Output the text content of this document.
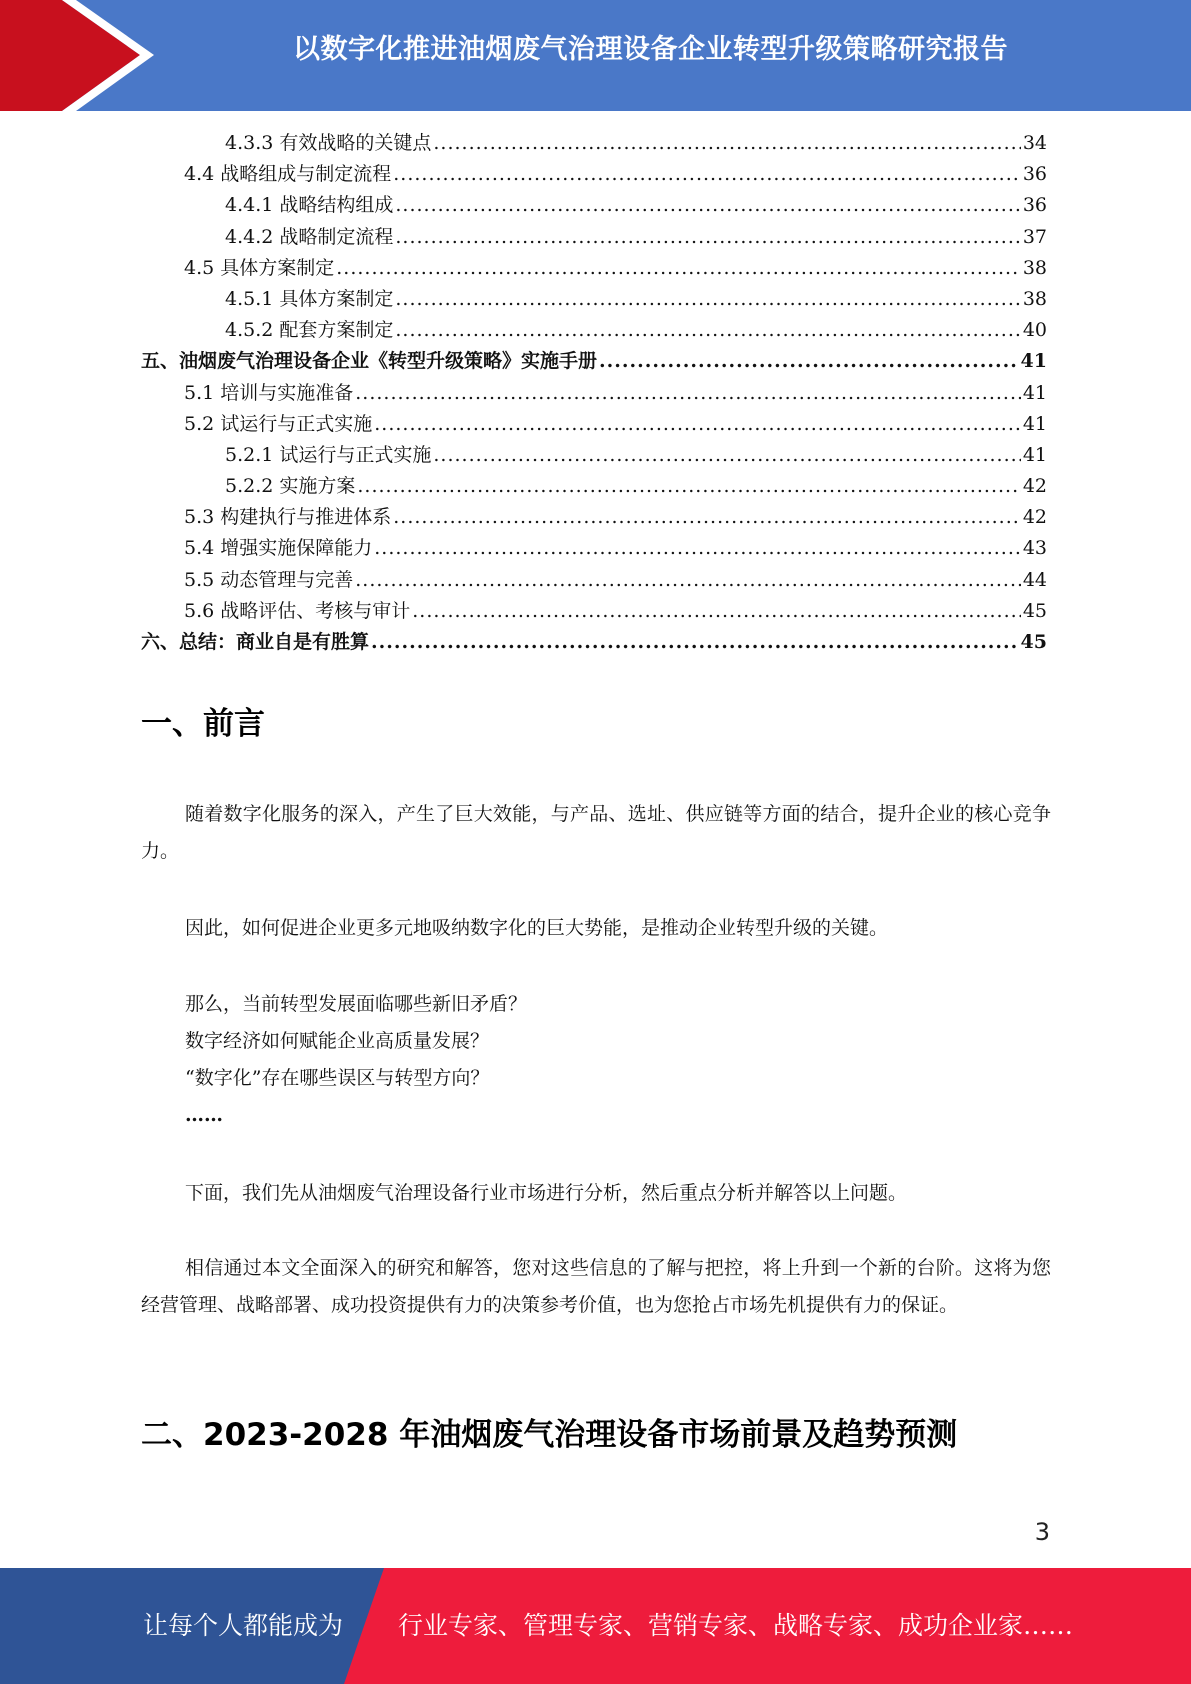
以数字化推进油烟废气治理设备企业转型升级策略研究报告
4.3.3 有效战略的关键点 .....	34
4.4 战略组成与制定流程 .....	36
4.4.1 战略结构组成 .....	36
4.4.2 战略制定流程 .....	37
4.5 具体方案制定 .....	38
4.5.1 具体方案制定 .....	38
4.5.2 配套方案制定 .....	40
五、油烟废气治理设备企业《转型升级策略》实施手册 .....	41
5.1 培训与实施准备 .....	41
5.2 试运行与正式实施 .....	41
5.2.1 试运行与正式实施 .....	41
5.2.2 实施方案 .....	42
5.3 构建执行与推进体系 .....	42
5.4 增强实施保障能力 .....	43
5.5 动态管理与完善 .....	44
5.6 战略评估、考核与审计 .....	45
六、总结：商业自是有胜算 .....	45
一、前言

随着数字化服务的深入，产生了巨大效能，与产品、选址、供应链等方面的结合，提升企业的核心竞争力。

因此，如何促进企业更多元地吸纳数字化的巨大势能，是推动企业转型升级的关键。

那么，当前转型发展面临哪些新旧矛盾？

数字经济如何赋能企业高质量发展？

“数字化”存在哪些误区与转型方向？

……

下面，我们先从油烟废气治理设备行业市场进行分析，然后重点分析并解答以上问题。

相信通过本文全面深入的研究和解答，您对这些信息的了解与把控，将上升到一个新的台阶。这将为您经营管理、战略部署、成功投资提供有力的决策参考价值，也为您抢占市场先机提供有力的保证。

二、2023-2028 年油烟废气治理设备市场前景及趋势预测
3
让每个人都能成为 行业专家、管理专家、营销专家、战略专家、成功企业家……
